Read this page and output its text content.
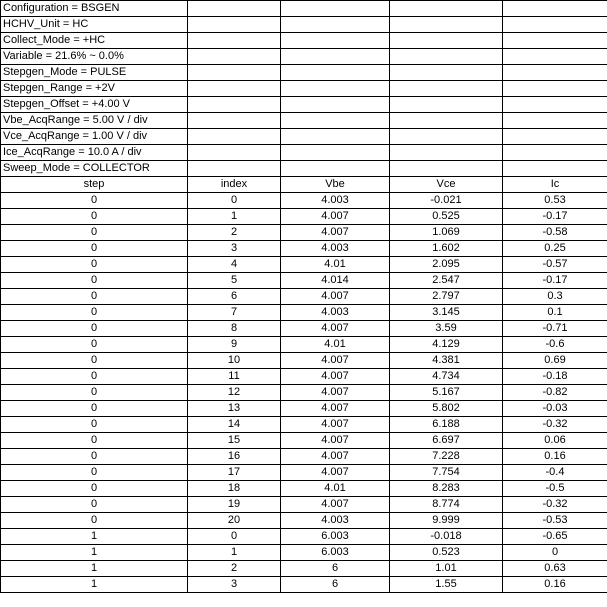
Configuration = BSGEN				
HCHV_Unit = HC				
Collect_Mode = +HC				
Variable = 21.6% ~ 0.0%				
Stepgen_Mode = PULSE				
Stepgen_Range = +2V				
Stepgen_Offset = +4.00 V				
Vbe_AcqRange = 5.00 V / div				
Vce_AcqRange = 1.00 V / div				
Ice_AcqRange = 10.0 A / div				
Sweep_Mode = COLLECTOR				
step	index	Vbe	Vce	Ic
0	0	4.003	-0.021	0.53
0	1	4.007	0.525	-0.17
0	2	4.007	1.069	-0.58
0	3	4.003	1.602	0.25
0	4	4.01	2.095	-0.57
0	5	4.014	2.547	-0.17
0	6	4.007	2.797	0.3
0	7	4.003	3.145	0.1
0	8	4.007	3.59	-0.71
0	9	4.01	4.129	-0.6
0	10	4.007	4.381	0.69
0	11	4.007	4.734	-0.18
0	12	4.007	5.167	-0.82
0	13	4.007	5.802	-0.03
0	14	4.007	6.188	-0.32
0	15	4.007	6.697	0.06
0	16	4.007	7.228	0.16
0	17	4.007	7.754	-0.4
0	18	4.01	8.283	-0.5
0	19	4.007	8.774	-0.32
0	20	4.003	9.999	-0.53
1	0	6.003	-0.018	-0.65
1	1	6.003	0.523	0
1	2	6	1.01	0.63
1	3	6	1.55	0.16
